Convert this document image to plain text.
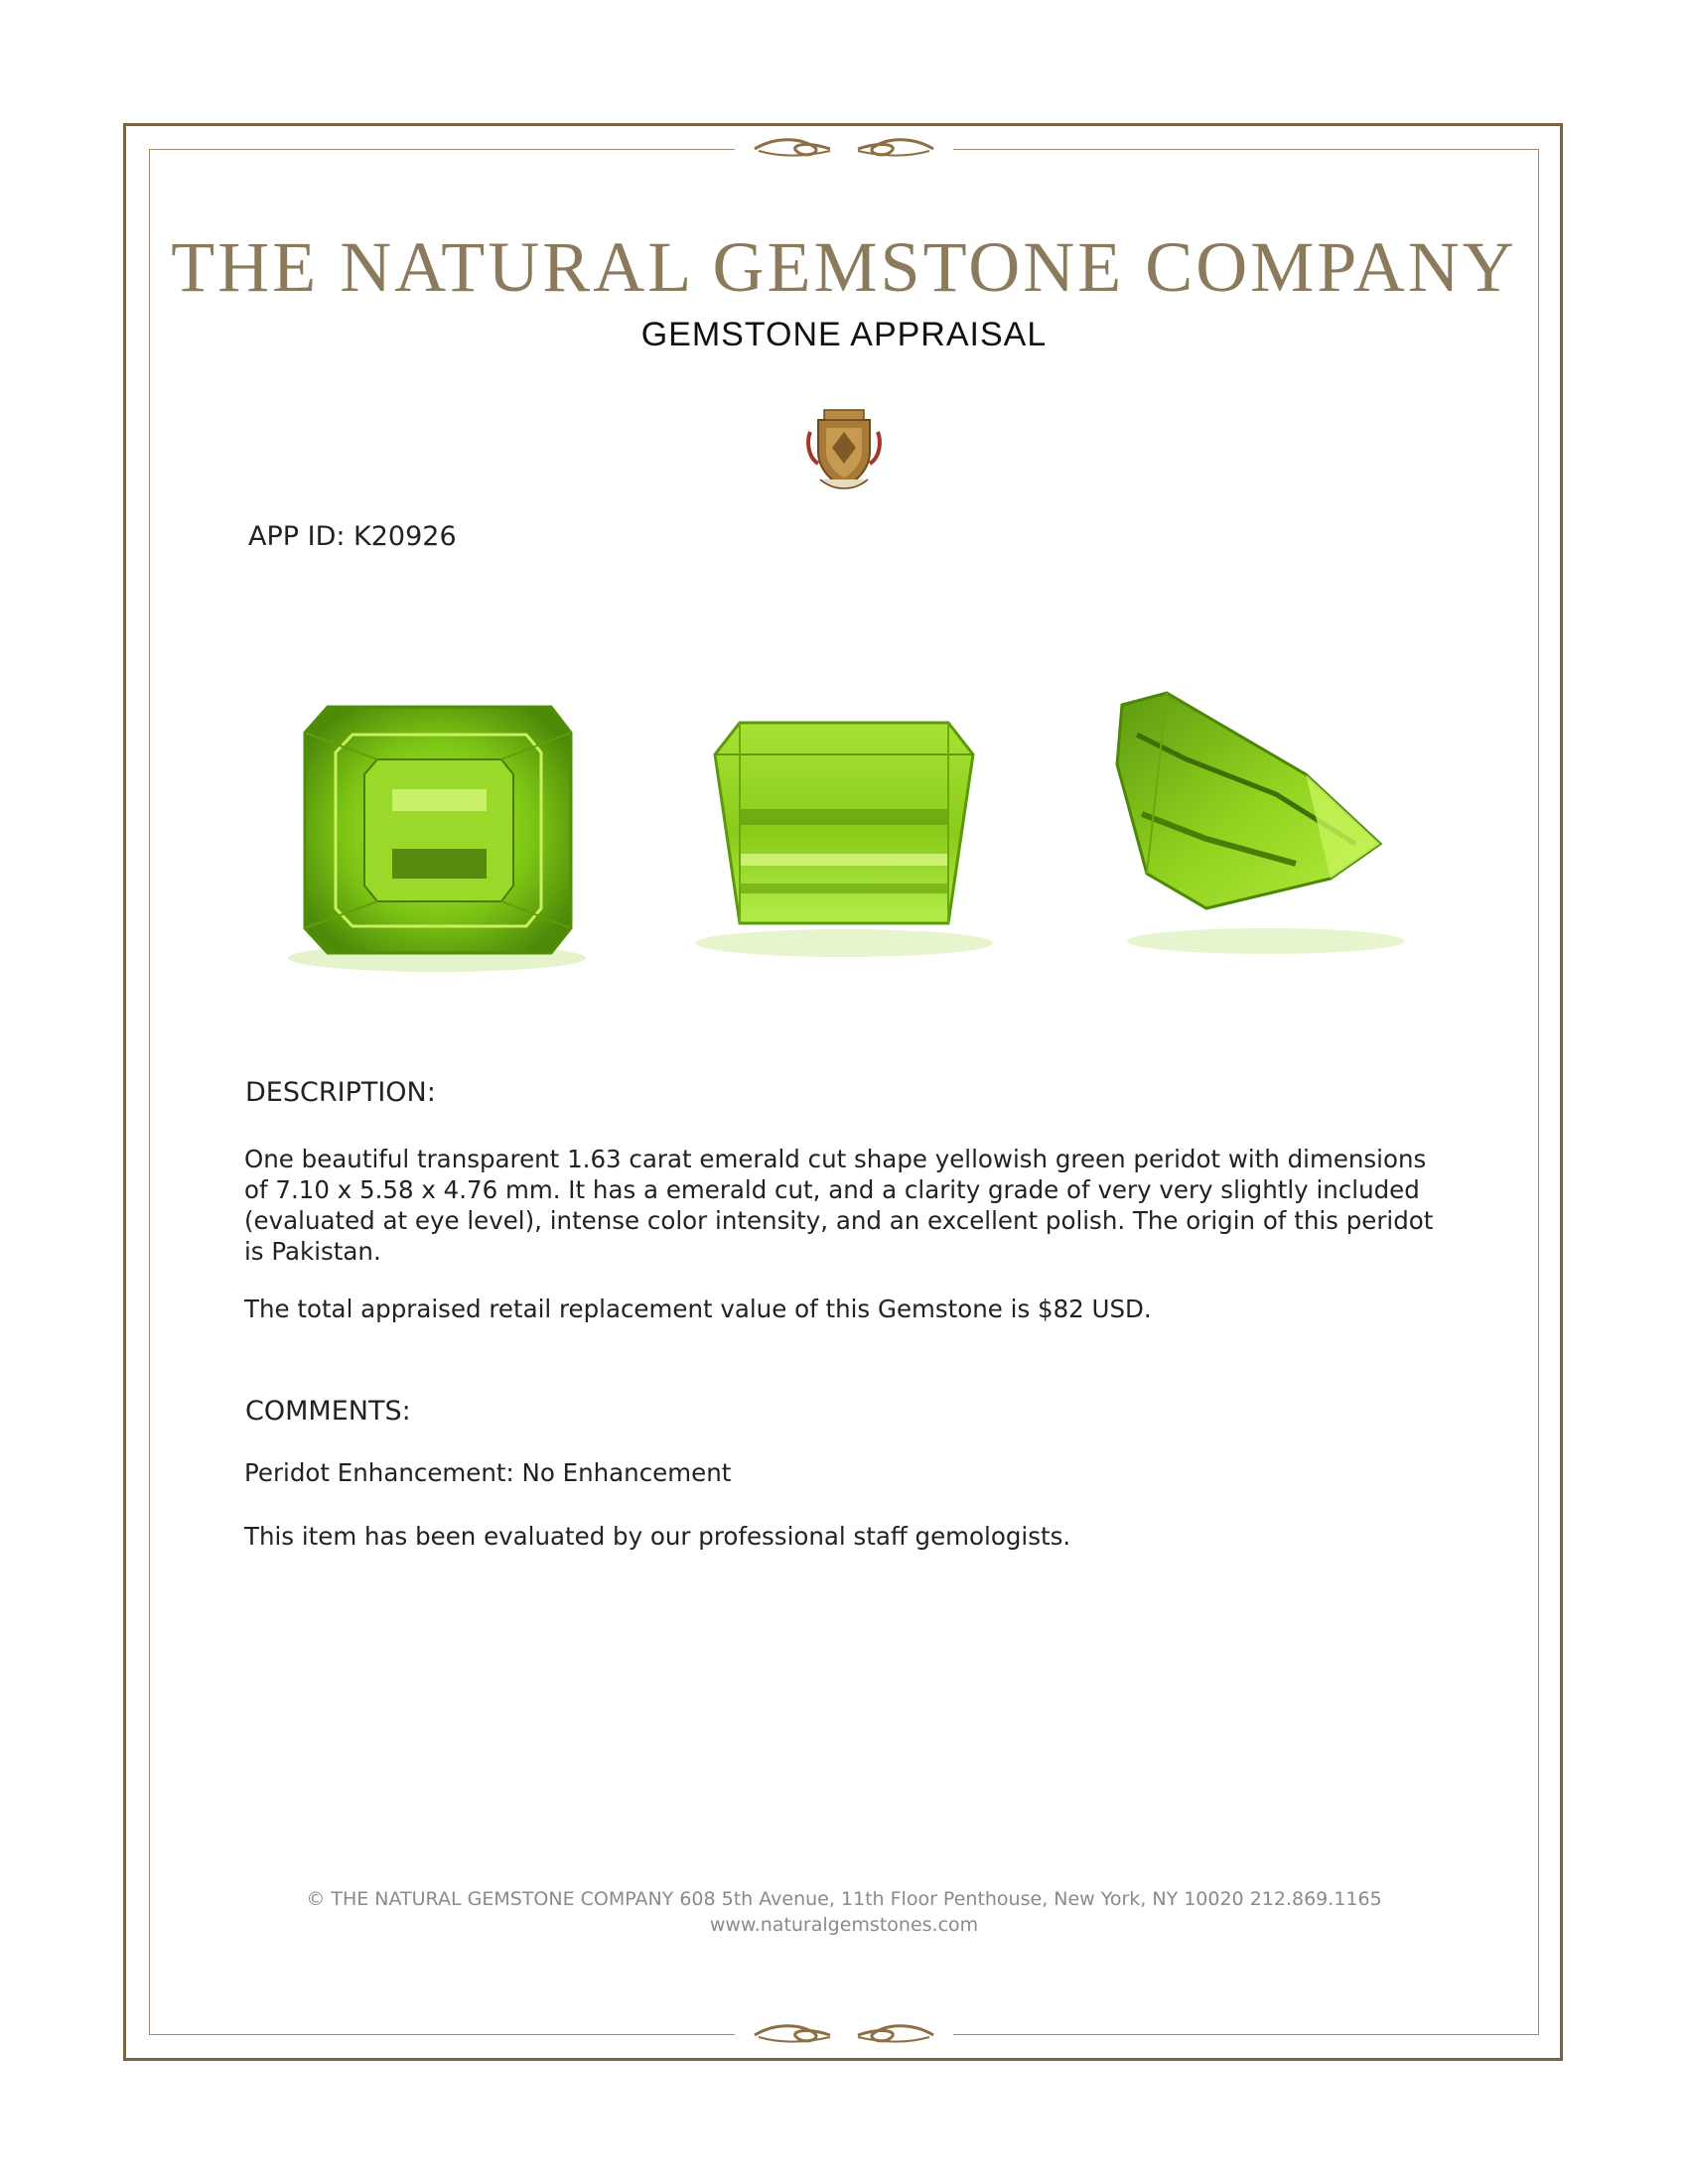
THE NATURAL GEMSTONE COMPANY
GEMSTONE APPRAISAL
APP ID: K20926
DESCRIPTION:

One beautiful transparent 1.63 carat emerald cut shape yellowish green peridot with dimensions of 7.10 x 5.58 x 4.76 mm. It has a emerald cut, and a clarity grade of very very slightly included (evaluated at eye level), intense color intensity, and an excellent polish. The origin of this peridot is Pakistan.

The total appraised retail replacement value of this Gemstone is $82 USD.

COMMENTS:

Peridot Enhancement: No Enhancement

This item has been evaluated by our professional staff gemologists.

© THE NATURAL GEMSTONE COMPANY 608 5th Avenue, 11th Floor Penthouse, New York, NY 10020 212.869.1165
www.naturalgemstones.com
